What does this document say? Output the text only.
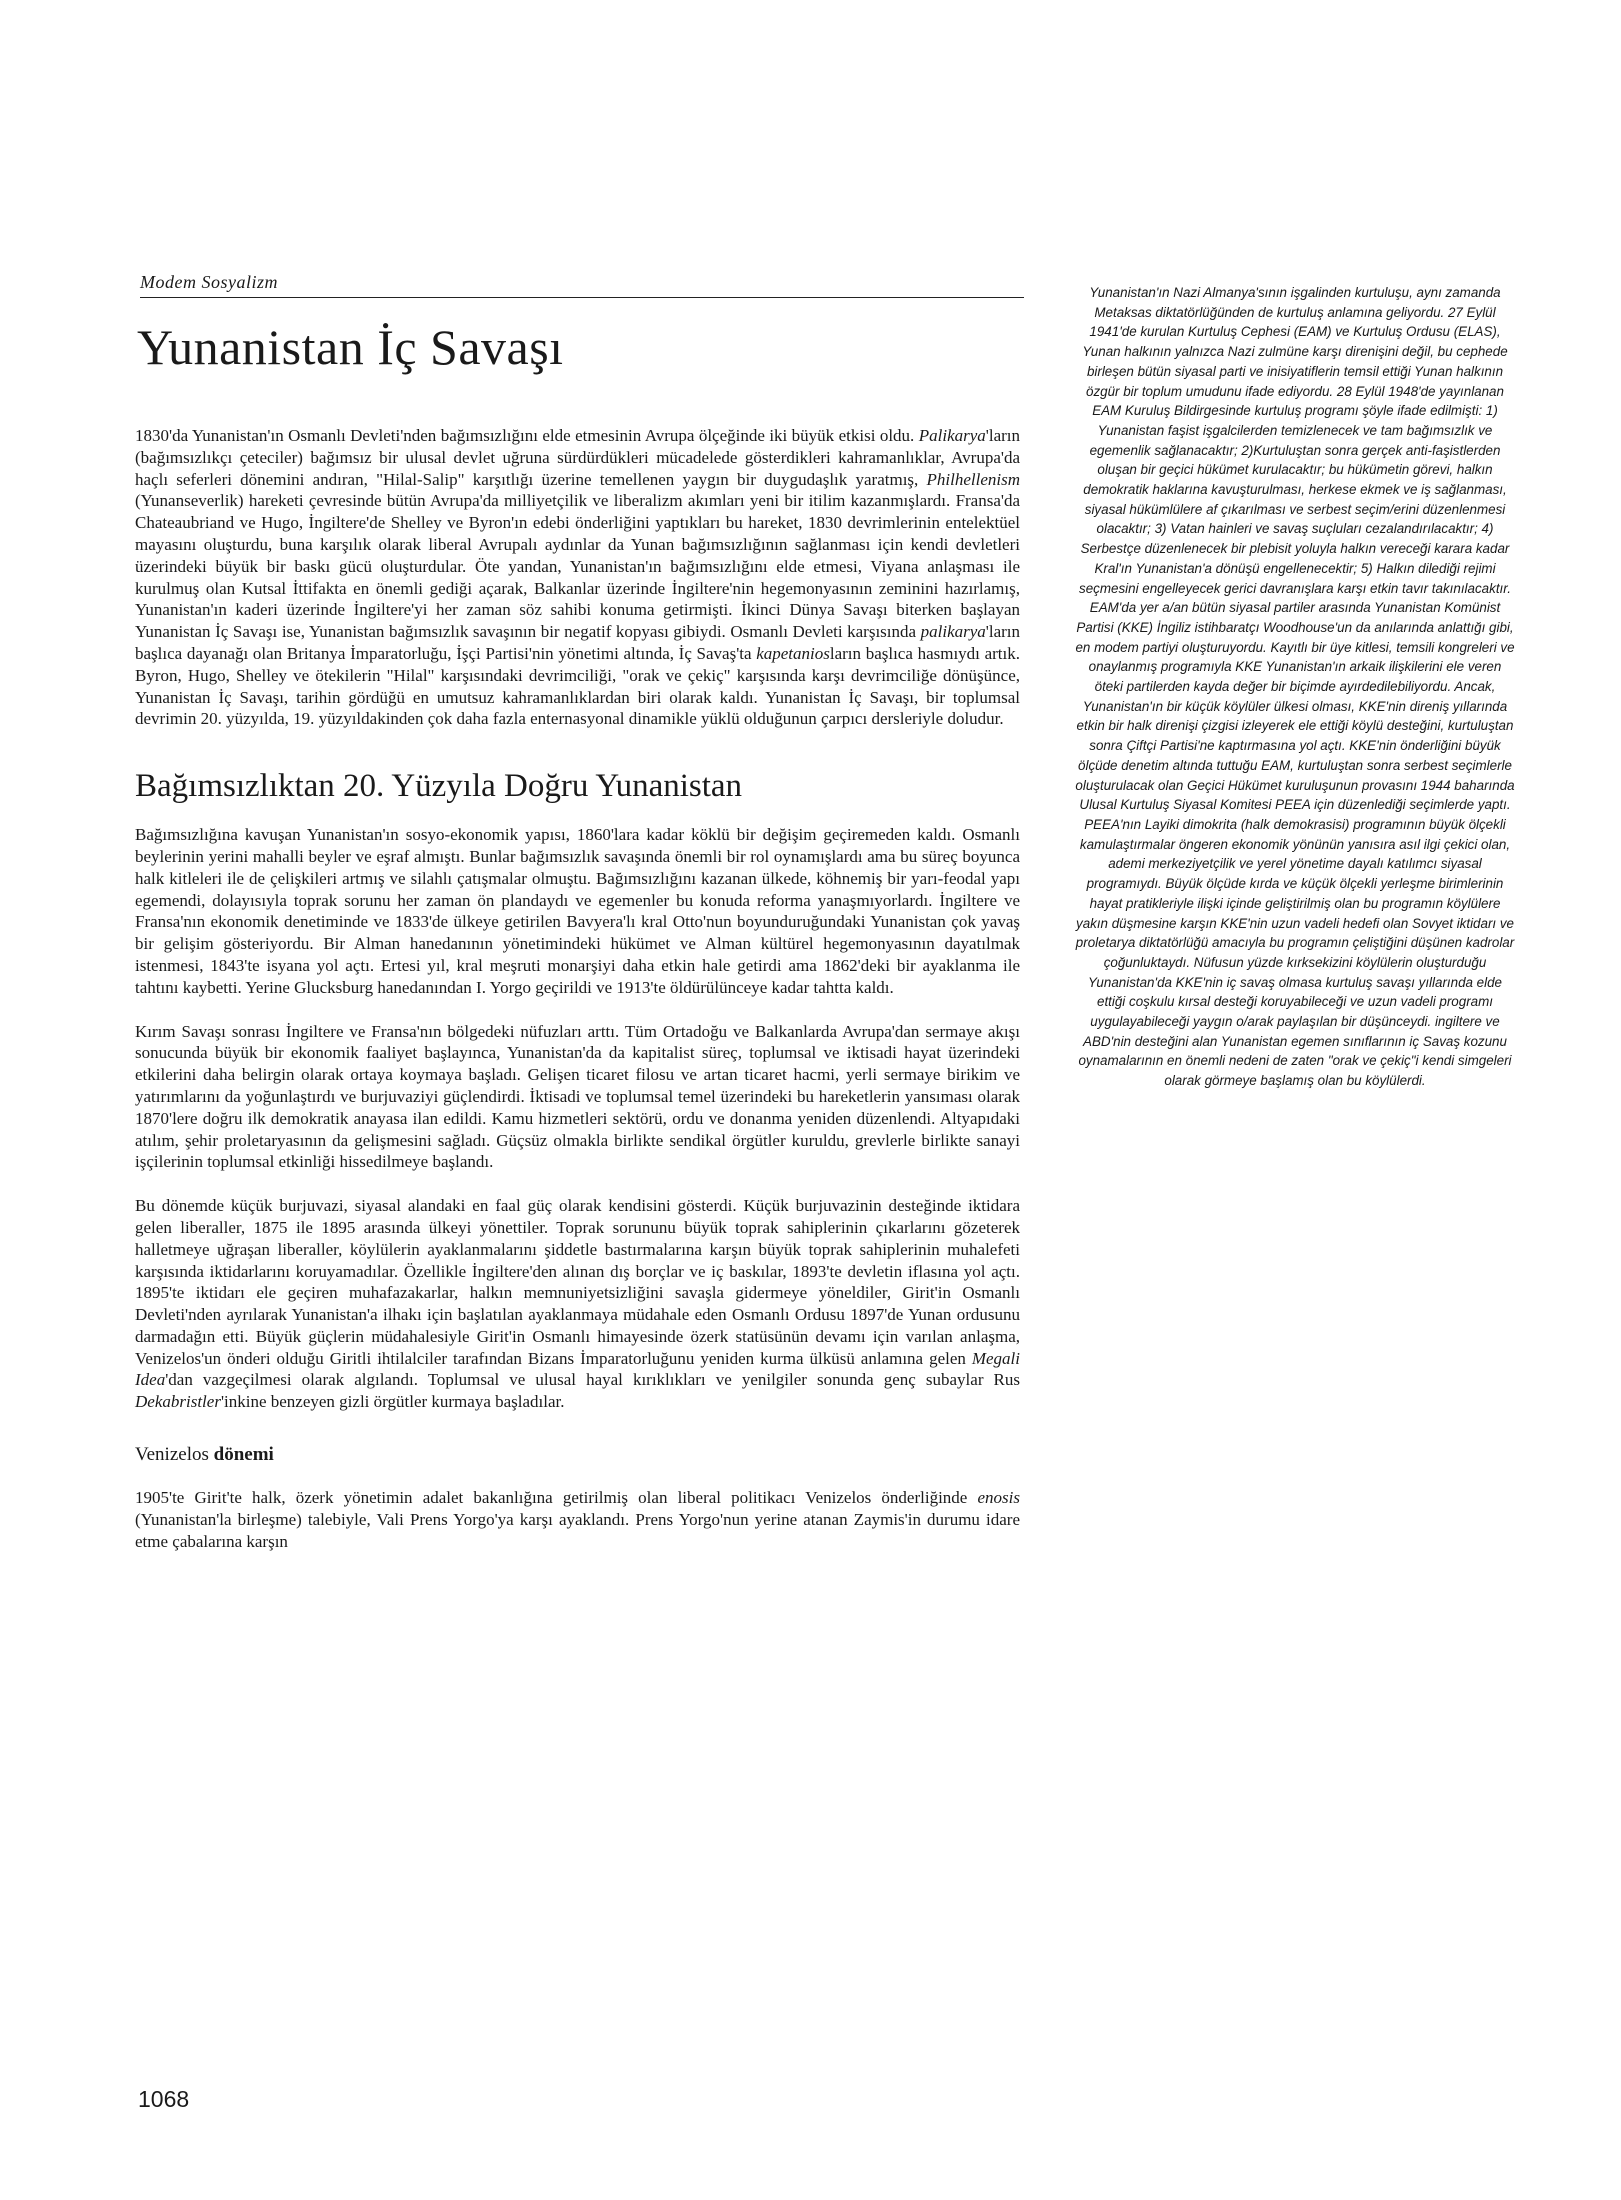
Modem Sosyalizm
Yunanistan İç Savaşı

1830'da Yunanistan'ın Osmanlı Devleti'nden bağımsızlığını elde etmesinin Avrupa ölçeğinde iki büyük etkisi oldu. Palikarya'ların (bağımsızlıkçı çeteciler) bağımsız bir ulusal devlet uğruna sürdürdükleri mücadelede gösterdikleri kahramanlıklar, Avrupa'da haçlı seferleri dönemini andıran, "Hilal-Salip" karşıtlığı üzerine temellenen yaygın bir duygudaşlık yaratmış, Philhellenism (Yunanseverlik) hareketi çevresinde bütün Avrupa'da milliyetçilik ve liberalizm akımları yeni bir itilim kazanmışlardı. Fransa'da Chateaubriand ve Hugo, İngiltere'de Shelley ve Byron'ın edebi önderliğini yaptıkları bu hareket, 1830 devrimlerinin entelektüel mayasını oluşturdu, buna karşılık olarak liberal Avrupalı aydınlar da Yunan bağımsızlığının sağlanması için kendi devletleri üzerindeki büyük bir baskı gücü oluşturdular. Öte yandan, Yunanistan'ın bağımsızlığını elde etmesi, Viyana anlaşması ile kurulmuş olan Kutsal İttifakta en önemli gediği açarak, Balkanlar üzerinde İngiltere'nin hegemonyasının zeminini hazırlamış, Yunanistan'ın kaderi üzerinde İngiltere'yi her zaman söz sahibi konuma getirmişti. İkinci Dünya Savaşı biterken başlayan Yunanistan İç Savaşı ise, Yunanistan bağımsızlık savaşının bir negatif kopyası gibiydi. Osmanlı Devleti karşısında palikarya'ların başlıca dayanağı olan Britanya İmparatorluğu, İşçi Partisi'nin yönetimi altında, İç Savaş'ta kapetaniosların başlıca hasmıydı artık. Byron, Hugo, Shelley ve ötekilerin "Hilal" karşısındaki devrimciliği, "orak ve çekiç" karşısında karşı devrimciliğe dönüşünce, Yunanistan İç Savaşı, tarihin gördüğü en umutsuz kahramanlıklardan biri olarak kaldı. Yunanistan İç Savaşı, bir toplumsal devrimin 20. yüzyılda, 19. yüzyıldakinden çok daha fazla enternasyonal dinamikle yüklü olduğunun çarpıcı dersleriyle doludur.

Bağımsızlıktan 20. Yüzyıla Doğru Yunanistan

Bağımsızlığına kavuşan Yunanistan'ın sosyo-ekonomik yapısı, 1860'lara kadar köklü bir değişim geçiremeden kaldı. Osmanlı beylerinin yerini mahalli beyler ve eşraf almıştı. Bunlar bağımsızlık savaşında önemli bir rol oynamışlardı ama bu süreç boyunca halk kitleleri ile de çelişkileri artmış ve silahlı çatışmalar olmuştu. Bağımsızlığını kazanan ülkede, köhnemiş bir yarı-feodal yapı egemendi, dolayısıyla toprak sorunu her zaman ön plandaydı ve egemenler bu konuda reforma yanaşmıyorlardı. İngiltere ve Fransa'nın ekonomik denetiminde ve 1833'de ülkeye getirilen Bavyera'lı kral Otto'nun boyunduruğundaki Yunanistan çok yavaş bir gelişim gösteriyordu. Bir Alman hanedanının yönetimindeki hükümet ve Alman kültürel hegemonyasının dayatılmak istenmesi, 1843'te isyana yol açtı. Ertesi yıl, kral meşruti monarşiyi daha etkin hale getirdi ama 1862'deki bir ayaklanma ile tahtını kaybetti. Yerine Glucksburg hanedanından I. Yorgo geçirildi ve 1913'te öldürülünceye kadar tahtta kaldı.

Kırım Savaşı sonrası İngiltere ve Fransa'nın bölgedeki nüfuzları arttı. Tüm Ortadoğu ve Balkanlarda Avrupa'dan sermaye akışı sonucunda büyük bir ekonomik faaliyet başlayınca, Yunanistan'da da kapitalist süreç, toplumsal ve iktisadi hayat üzerindeki etkilerini daha belirgin olarak ortaya koymaya başladı. Gelişen ticaret filosu ve artan ticaret hacmi, yerli sermaye birikim ve yatırımlarını da yoğunlaştırdı ve burjuvaziyi güçlendirdi. İktisadi ve toplumsal temel üzerindeki bu hareketlerin yansıması olarak 1870'lere doğru ilk demokratik anayasa ilan edildi. Kamu hizmetleri sektörü, ordu ve donanma yeniden düzenlendi. Altyapıdaki atılım, şehir proletaryasının da gelişmesini sağladı. Güçsüz olmakla birlikte sendikal örgütler kuruldu, grevlerle birlikte sanayi işçilerinin toplumsal etkinliği hissedilmeye başlandı.

Bu dönemde küçük burjuvazi, siyasal alandaki en faal güç olarak kendisini gösterdi. Küçük burjuvazinin desteğinde iktidara gelen liberaller, 1875 ile 1895 arasında ülkeyi yönettiler. Toprak sorununu büyük toprak sahiplerinin çıkarlarını gözeterek halletmeye uğraşan liberaller, köylülerin ayaklanmalarını şiddetle bastırmalarına karşın büyük toprak sahiplerinin muhalefeti karşısında iktidarlarını koruyamadılar. Özellikle İngiltere'den alınan dış borçlar ve iç baskılar, 1893'te devletin iflasına yol açtı. 1895'te iktidarı ele geçiren muhafazakarlar, halkın memnuniyetsizliğini savaşla gidermeye yöneldiler, Girit'in Osmanlı Devleti'nden ayrılarak Yunanistan'a ilhakı için başlatılan ayaklanmaya müdahale eden Osmanlı Ordusu 1897'de Yunan ordusunu darmadağın etti. Büyük güçlerin müdahalesiyle Girit'in Osmanlı himayesinde özerk statüsünün devamı için varılan anlaşma, Venizelos'un önderi olduğu Giritli ihtilalciler tarafından Bizans İmparatorluğunu yeniden kurma ülküsü anlamına gelen Megali Idea'dan vazgeçilmesi olarak algılandı. Toplumsal ve ulusal hayal kırıklıkları ve yenilgiler sonunda genç subaylar Rus Dekabristler'inkine benzeyen gizli örgütler kurmaya başladılar.

Venizelos dönemi

1905'te Girit'te halk, özerk yönetimin adalet bakanlığına getirilmiş olan liberal politikacı Venizelos önderliğinde enosis (Yunanistan'la birleşme) talebiyle, Vali Prens Yorgo'ya karşı ayaklandı. Prens Yorgo'nun yerine atanan Zaymis'in durumu idare etme çabalarına karşın

Yunanistan'ın Nazi Almanya'sının işgalinden kurtuluşu, aynı zamanda Metaksas diktatörlüğünden de kurtuluş anlamına geliyordu. 27 Eylül 1941'de kurulan Kurtuluş Cephesi (EAM) ve Kurtuluş Ordusu (ELAS), Yunan halkının yalnızca Nazi zulmüne karşı direnişini değil, bu cephede birleşen bütün siyasal parti ve inisiyatiflerin temsil ettiği Yunan halkının özgür bir toplum umudunu ifade ediyordu. 28 Eylül 1948'de yayınlanan EAM Kuruluş Bildirgesinde kurtuluş programı şöyle ifade edilmişti: 1) Yunanistan faşist işgalcilerden temizlenecek ve tam bağımsızlık ve egemenlik sağlanacaktır; 2)Kurtuluştan sonra gerçek anti-faşistlerden oluşan bir geçici hükümet kurulacaktır; bu hükümetin görevi, halkın demokratik haklarına kavuşturulması, herkese ekmek ve iş sağlanması, siyasal hükümlülere af çıkarılması ve serbest seçim/erini düzenlenmesi olacaktır; 3) Vatan hainleri ve savaş suçluları cezalandırılacaktır; 4) Serbestçe düzenlenecek bir plebisit yoluyla halkın vereceği karara kadar Kral'ın Yunanistan'a dönüşü engellenecektir; 5) Halkın dilediği rejimi seçmesini engelleyecek gerici davranışlara karşı etkin tavır takınılacaktır. EAM'da yer a/an bütün siyasal partiler arasında Yunanistan Komünist Partisi (KKE) İngiliz istihbaratçı Woodhouse'un da anılarında anlattığı gibi, en modem partiyi oluşturuyordu. Kayıtlı bir üye kitlesi, temsili kongreleri ve onaylanmış programıyla KKE Yunanistan'ın arkaik ilişkilerini ele veren öteki partilerden kayda değer bir biçimde ayırdedilebiliyordu. Ancak, Yunanistan'ın bir küçük köylüler ülkesi olması, KKE'nin direniş yıllarında etkin bir halk direnişi çizgisi izleyerek ele ettiği köylü desteğini, kurtuluştan sonra Çiftçi Partisi'ne kaptırmasına yol açtı. KKE'nin önderliğini büyük ölçüde denetim altında tuttuğu EAM, kurtuluştan sonra serbest seçimlerle oluşturulacak olan Geçici Hükümet kuruluşunun provasını 1944 baharında Ulusal Kurtuluş Siyasal Komitesi PEEA için düzenlediği seçimlerde yaptı. PEEA'nın Layiki dimokrita (halk demokrasisi) programının büyük ölçekli kamulaştırmalar öngeren ekonomik yönünün yanısıra asıl ilgi çekici olan, ademi merkeziyetçilik ve yerel yönetime dayalı katılımcı siyasal programıydı. Büyük ölçüde kırda ve küçük ölçekli yerleşme birimlerinin hayat pratikleriyle ilişki içinde geliştirilmiş olan bu programın köylülere yakın düşmesine karşın KKE'nin uzun vadeli hedefi olan Sovyet iktidarı ve proletarya diktatörlüğü amacıyla bu programın çeliştiğini düşünen kadrolar çoğunluktaydı. Nüfusun yüzde kırksekizini köylülerin oluşturduğu Yunanistan'da KKE'nin iç savaş olmasa kurtuluş savaşı yıllarında elde ettiği coşkulu kırsal desteği koruyabileceği ve uzun vadeli programı uygulayabileceği yaygın o/arak paylaşılan bir düşünceydi. ingiltere ve ABD'nin desteğini alan Yunanistan egemen sınıflarının iç Savaş kozunu oynamalarının en önemli nedeni de zaten "orak ve çekiç"i kendi simgeleri olarak görmeye başlamış olan bu köylülerdi.
1068
